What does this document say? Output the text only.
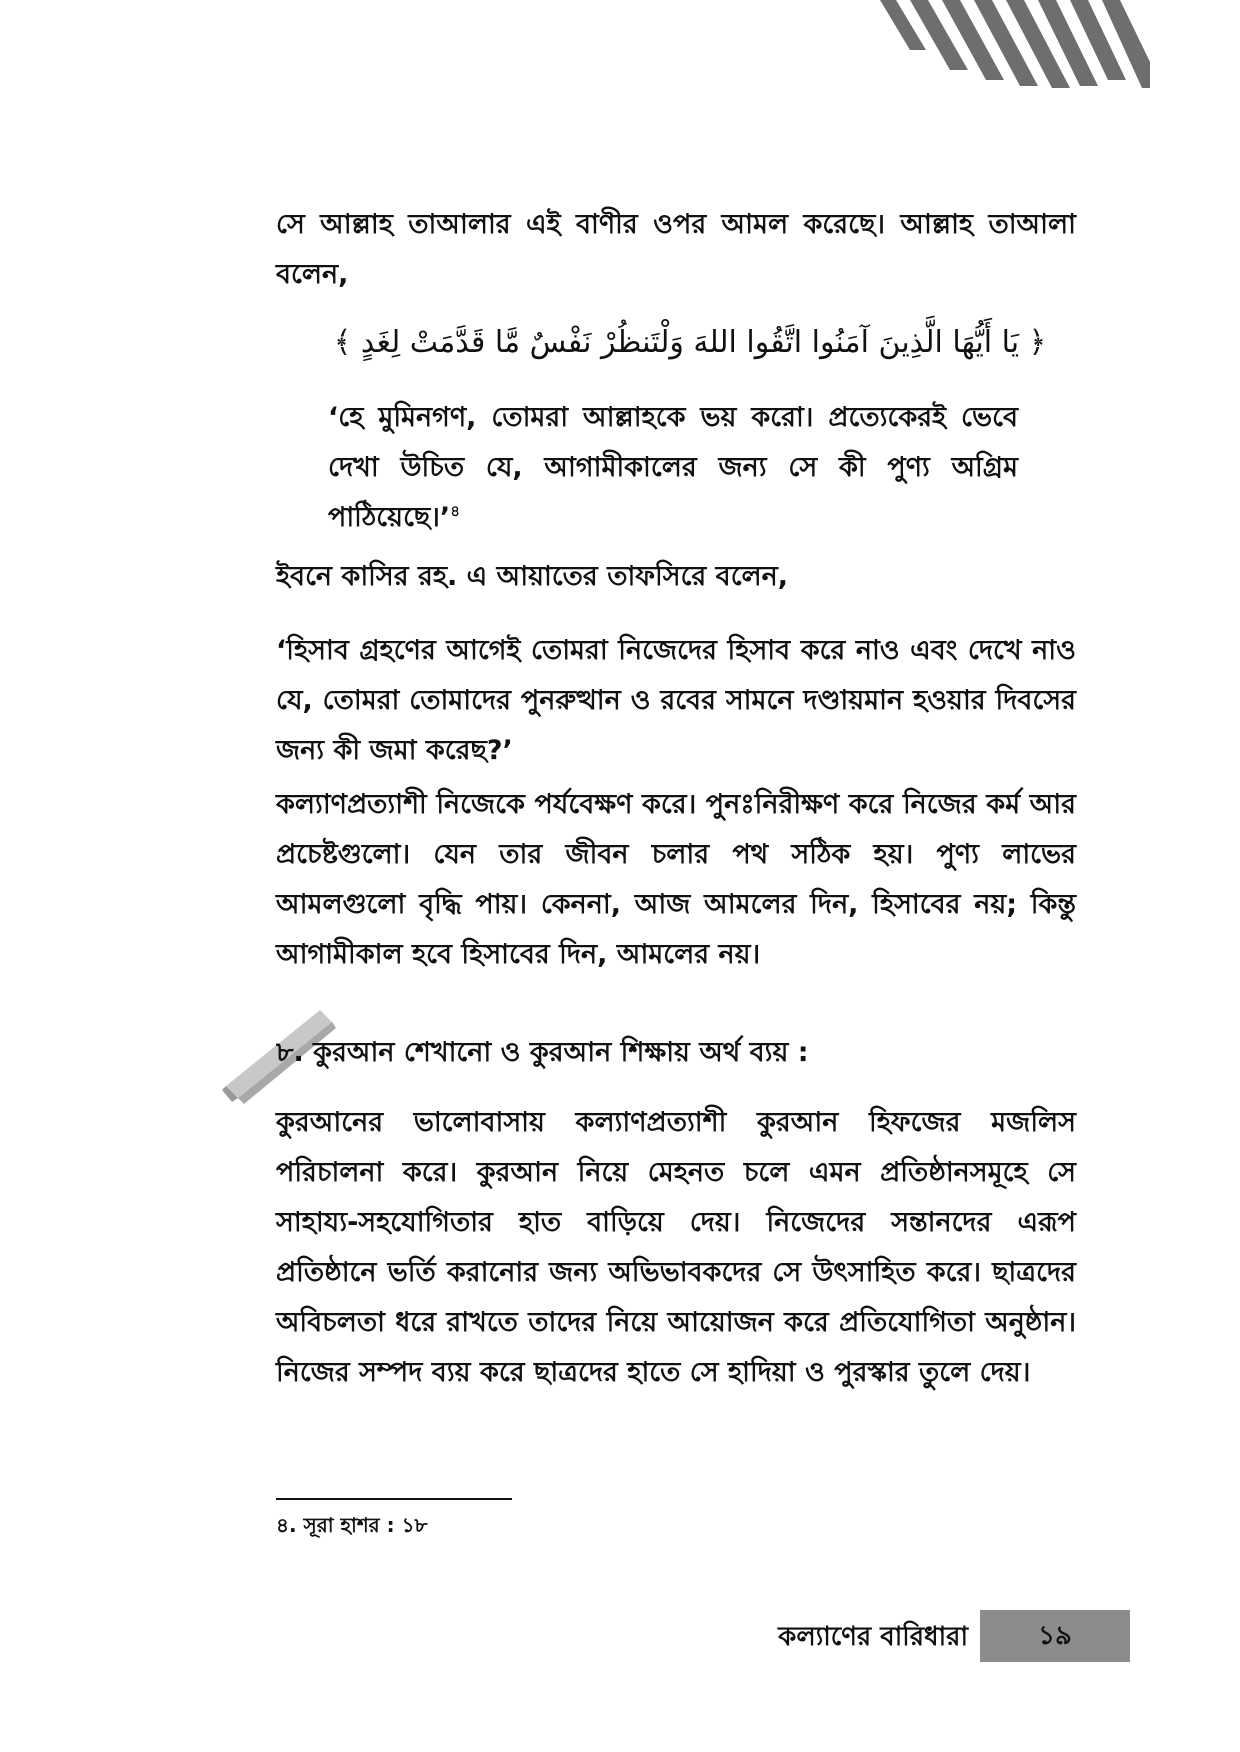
সে আল্লাহ তাআলার এই বাণীর ওপর আমল করেছে। আল্লাহ তাআলা বলেন,

﴿ يَا أَيُّهَا الَّذِينَ آمَنُوا اتَّقُوا اللهَ وَلْتَنظُرْ نَفْسٌ مَّا قَدَّمَتْ لِغَدٍ ﴾

‘হে মুমিনগণ, তোমরা আল্লাহকে ভয় করো। প্রত্যেকেরই ভেবে দেখা উচিত যে, আগামীকালের জন্য সে কী পুণ্য অগ্রিম পাঠিয়েছে।’$^৪$

ইবনে কাসির রহ. এ আয়াতের তাফসিরে বলেন,

‘হিসাব গ্রহণের আগেই তোমরা নিজেদের হিসাব করে নাও এবং দেখে নাও যে, তোমরা তোমাদের পুনরুত্থান ও রবের সামনে দণ্ডায়মান হওয়ার দিবসের জন্য কী জমা করেছ?’

কল্যাণপ্রত্যাশী নিজেকে পর্যবেক্ষণ করে। পুনঃনিরীক্ষণ করে নিজের কর্ম আর প্রচেষ্টগুলো। যেন তার জীবন চলার পথ সঠিক হয়। পুণ্য লাভের আমলগুলো বৃদ্ধি পায়। কেননা, আজ আমলের দিন, হিসাবের নয়; কিন্তু আগামীকাল হবে হিসাবের দিন, আমলের নয়।

৮. কুরআন শেখানো ও কুরআন শিক্ষায় অর্থ ব্যয় :

কুরআনের ভালোবাসায় কল্যাণপ্রত্যাশী কুরআন হিফজের মজলিস পরিচালনা করে। কুরআন নিয়ে মেহনত চলে এমন প্রতিষ্ঠানসমূহে সে সাহায্য-সহযোগিতার হাত বাড়িয়ে দেয়। নিজেদের সন্তানদের এরূপ প্রতিষ্ঠানে ভর্তি করানোর জন্য অভিভাবকদের সে উৎসাহিত করে। ছাত্রদের অবিচলতা ধরে রাখতে তাদের নিয়ে আয়োজন করে প্রতিযোগিতা অনুষ্ঠান। নিজের সম্পদ ব্যয় করে ছাত্রদের হাতে সে হাদিয়া ও পুরস্কার তুলে দেয়।

৪. সূরা হাশর : ১৮

কল্যাণের বারিধারা	১৯
